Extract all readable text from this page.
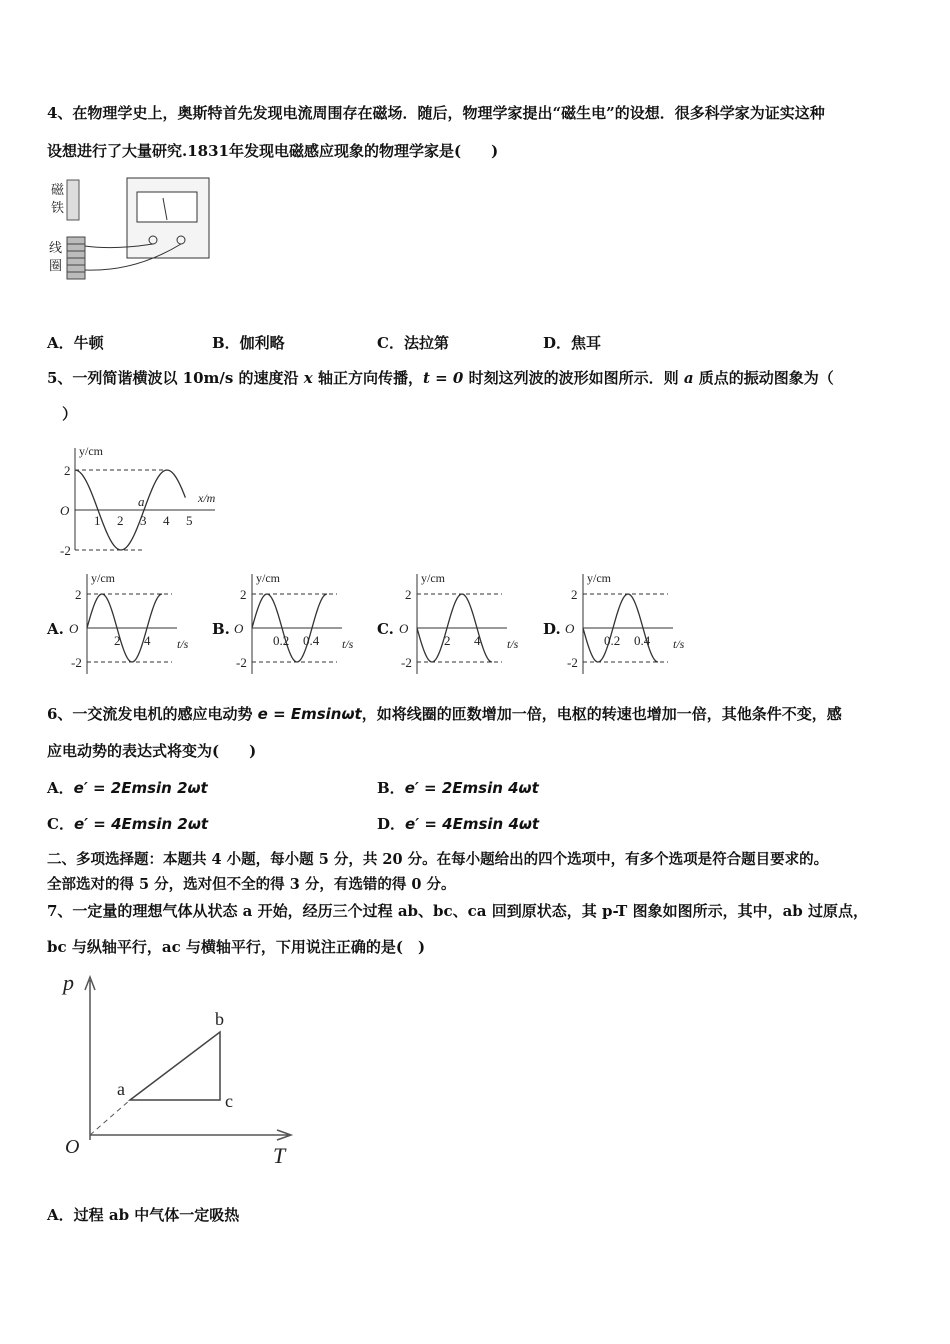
4、在物理学史上，奥斯特首先发现电流周围存在磁场．随后，物理学家提出“磁生电”的设想．很多科学家为证实这种
设想进行了大量研究.1831年发现电磁感应现象的物理学家是(　　)
磁
铁
线
圈
A．牛顿	B．伽利略	C．法拉第	D．焦耳
5、一列简谐横波以 10m/s 的速度沿 x 轴正方向传播，t = 0 时刻这列波的波形如图所示．则 a 质点的振动图象为（
）
y/cm
x/m
O
2
-2
1 2 3 4 5
a
A.
y/cm
t/s
O
2
-2
2 4
B.
y/cm
t/s
O
2
-2
0.2 0.4
C.
y/cm
t/s
O
2
-2
2 4
D.
y/cm
t/s
O
2
-2
0.2 0.4
6、一交流发电机的感应电动势 e = Emsinωt，如将线圈的匝数增加一倍，电枢的转速也增加一倍，其他条件不变，感
应电动势的表达式将变为(　　)
A．e′ = 2Emsin 2ωt	B．e′ = 2Emsin 4ωt
C．e′ = 4Emsin 2ωt	D．e′ = 4Emsin 4ωt
二、多项选择题：本题共 4 小题，每小题 5 分，共 20 分。在每小题给出的四个选项中，有多个选项是符合题目要求的。
全部选对的得 5 分，选对但不全的得 3 分，有选错的得 0 分。
7、一定量的理想气体从状态 a 开始，经历三个过程 ab、bc、ca 回到原状态，其 p-T 图象如图所示，其中，ab 过原点，
bc 与纵轴平行，ac 与横轴平行，下用说注正确的是(　)
p
T
O
a
b
c
A．过程 ab 中气体一定吸热
